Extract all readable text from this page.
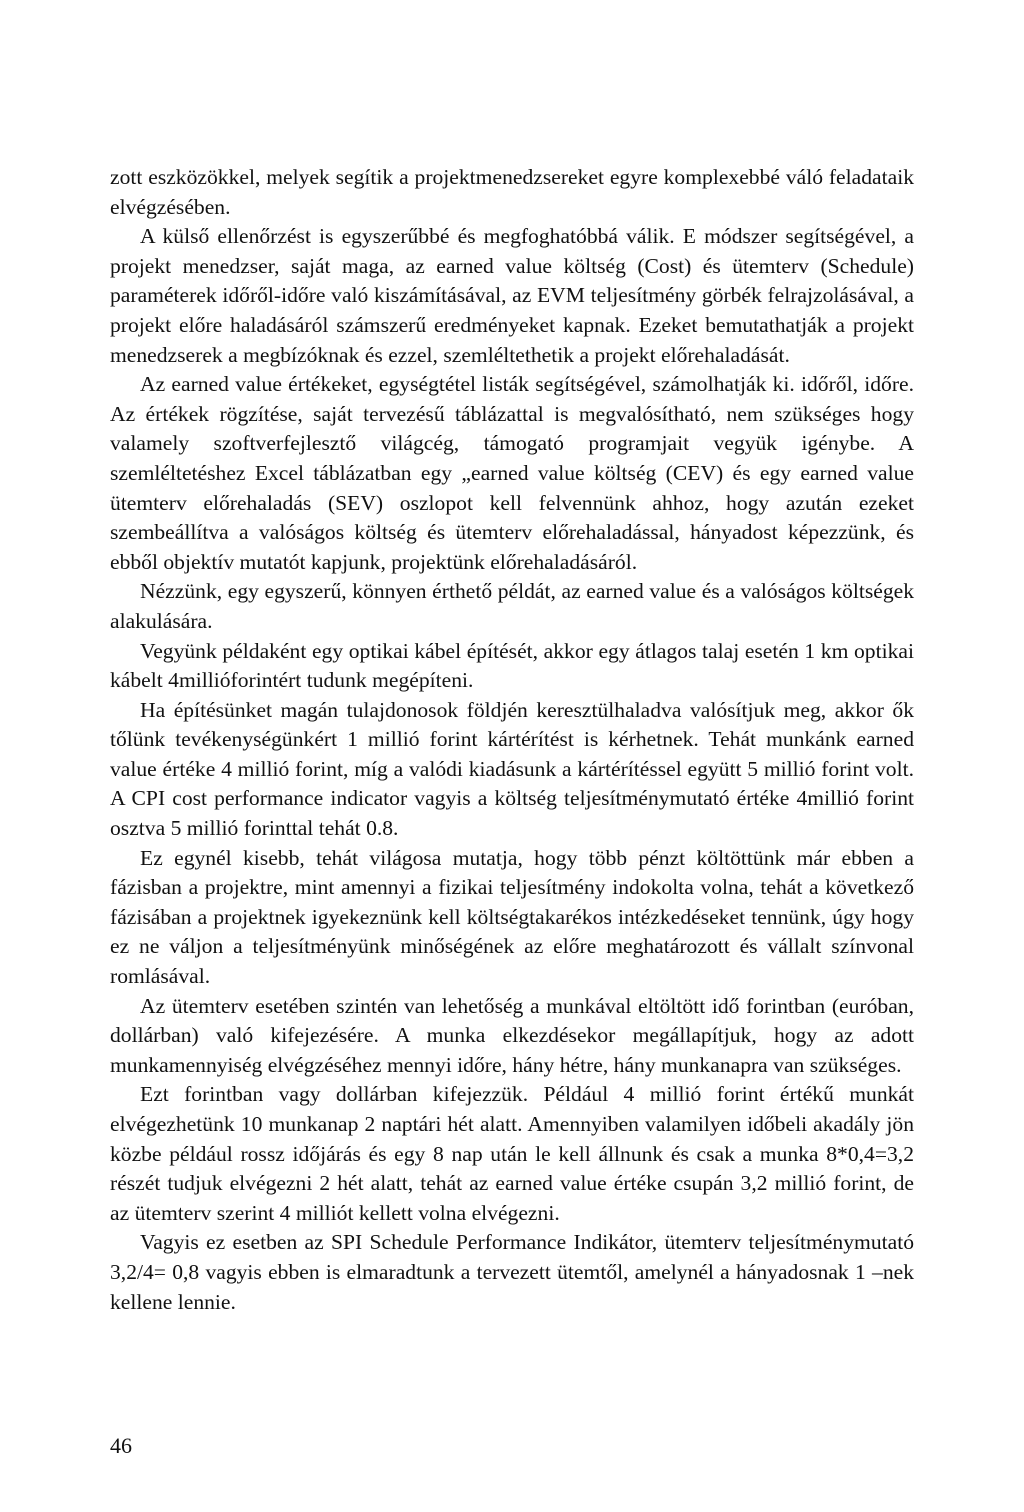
zott eszközökkel, melyek segítik a projektmenedzsereket egyre komplexebbé váló feladataik elvégzésében.

A külső ellenőrzést is egyszerűbbé és megfoghatóbbá válik. E módszer segítségével, a projekt menedzser, saját maga, az earned value költség (Cost) és ütemterv (Schedule) paraméterek időről-időre való kiszámításával, az EVM teljesítmény görbék felrajzolásával, a projekt előre haladásáról számszerű eredményeket kapnak. Ezeket bemutathatják a projekt menedzserek a megbízóknak és ezzel, szemléltethetik a projekt előrehaladását.

Az earned value értékeket, egységtétel listák segítségével, számolhatják ki. időről, időre. Az értékek rögzítése, saját tervezésű táblázattal is megvalósítható, nem szükséges hogy valamely szoftverfejlesztő világcég, támogató programjait vegyük igénybe. A szemléltetéshez Excel táblázatban egy „earned value költség (CEV) és egy earned value ütemterv előrehaladás (SEV) oszlopot kell felvennünk ahhoz, hogy azután ezeket szembeállítva a valóságos költség és ütemterv előrehaladással, hányadost képezzünk, és ebből objektív mutatót kapjunk, projektünk előrehaladásáról.

Nézzünk, egy egyszerű, könnyen érthető példát, az earned value és a valóságos költségek alakulására.

Vegyünk példaként egy optikai kábel építését, akkor egy átlagos talaj esetén 1 km optikai kábelt 4millióforintért tudunk megépíteni.

Ha építésünket magán tulajdonosok földjén keresztülhaladva valósítjuk meg, akkor ők tőlünk tevékenységünkért 1 millió forint kártérítést is kérhetnek. Tehát munkánk earned value értéke 4 millió forint, míg a valódi kiadásunk a kártérítéssel együtt 5 millió forint volt. A CPI cost performance indicator vagyis a költség teljesítménymutató értéke 4millió forint osztva 5 millió forinttal tehát 0.8.

Ez egynél kisebb, tehát világosa mutatja, hogy több pénzt költöttünk már ebben a fázisban a projektre, mint amennyi a fizikai teljesítmény indokolta volna, tehát a következő fázisában a projektnek igyekeznünk kell költségtakarékos intézkedéseket tennünk, úgy hogy ez ne váljon a teljesítményünk minőségének az előre meghatározott és vállalt színvonal romlásával.

Az ütemterv esetében szintén van lehetőség a munkával eltöltött idő forintban (euróban, dollárban) való kifejezésére. A munka elkezdésekor megállapítjuk, hogy az adott munkamennyiség elvégzéséhez mennyi időre, hány hétre, hány munkanapra van szükséges.

Ezt forintban vagy dollárban kifejezzük. Például 4 millió forint értékű munkát elvégezhetünk 10 munkanap 2 naptári hét alatt. Amennyiben valamilyen időbeli akadály jön közbe például rossz időjárás és egy 8 nap után le kell állnunk és csak a munka 8*0,4=3,2 részét tudjuk elvégezni 2 hét alatt, tehát az earned value értéke csupán 3,2 millió forint, de az ütemterv szerint 4 milliót kellett volna elvégezni.

Vagyis ez esetben az SPI Schedule Performance Indikátor, ütemterv teljesítménymutató 3,2/4= 0,8 vagyis ebben is elmaradtunk a tervezett ütemtől, amelynél a hányadosnak 1 –nek kellene lennie.

46
